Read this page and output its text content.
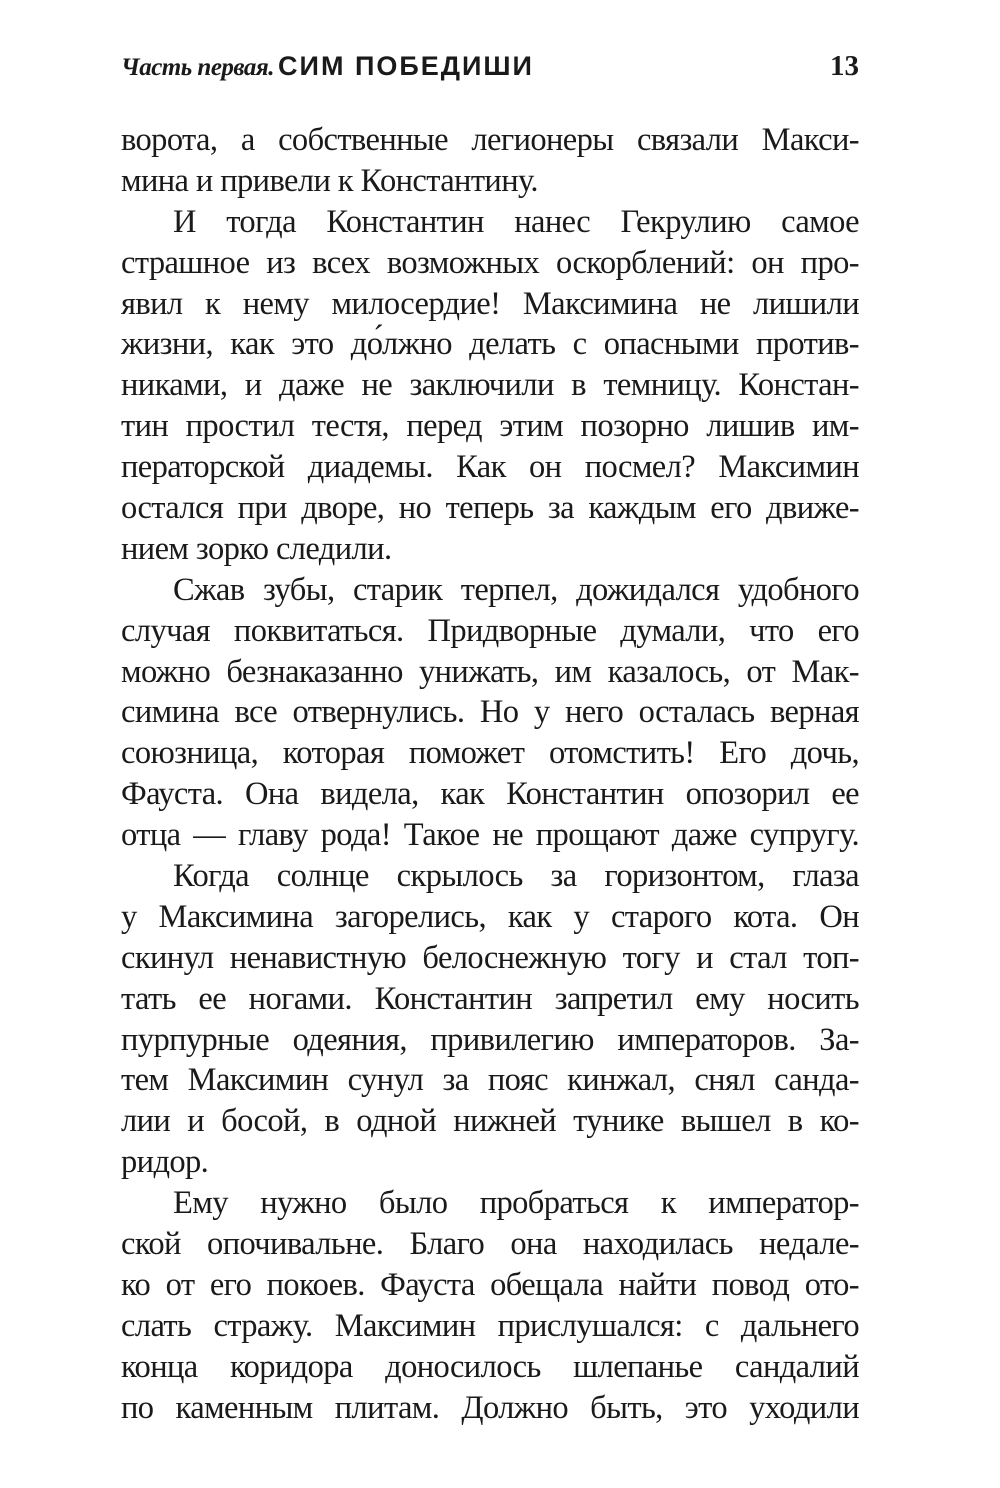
Часть первая. СИМ ПОБЕДИШИ	13
ворота, а собственные легионеры связали Макси-
мина и привели к Константину.
И тогда Константин нанес Гекрулию самое
страшное из всех возможных оскорблений: он про-
явил к нему милосердие! Максимина не лишили
жизни, как это до́лжно делать с опасными против-
никами, и даже не заключили в темницу. Констан-
тин простил тестя, перед этим позорно лишив им-
ператорской диадемы. Как он посмел? Максимин
остался при дворе, но теперь за каждым его движе-
нием зорко следили.
Сжав зубы, старик терпел, дожидался удобного
случая поквитаться. Придворные думали, что его
можно безнаказанно унижать, им казалось, от Мак-
симина все отвернулись. Но у него осталась верная
союзница, которая поможет отомстить! Его дочь,
Фауста. Она видела, как Константин опозорил ее
отца — главу рода! Такое не прощают даже супругу.
Когда солнце скрылось за горизонтом, глаза
у Максимина загорелись, как у старого кота. Он
скинул ненавистную белоснежную тогу и стал топ-
тать ее ногами. Константин запретил ему носить
пурпурные одеяния, привилегию императоров. За-
тем Максимин сунул за пояс кинжал, снял санда-
лии и босой, в одной нижней тунике вышел в ко-
ридор.
Ему нужно было пробраться к император-
ской опочивальне. Благо она находилась недале-
ко от его покоев. Фауста обещала найти повод ото-
слать стражу. Максимин прислушался: с дальнего
конца коридора доносилось шлепанье сандалий
по каменным плитам. Должно быть, это уходили
